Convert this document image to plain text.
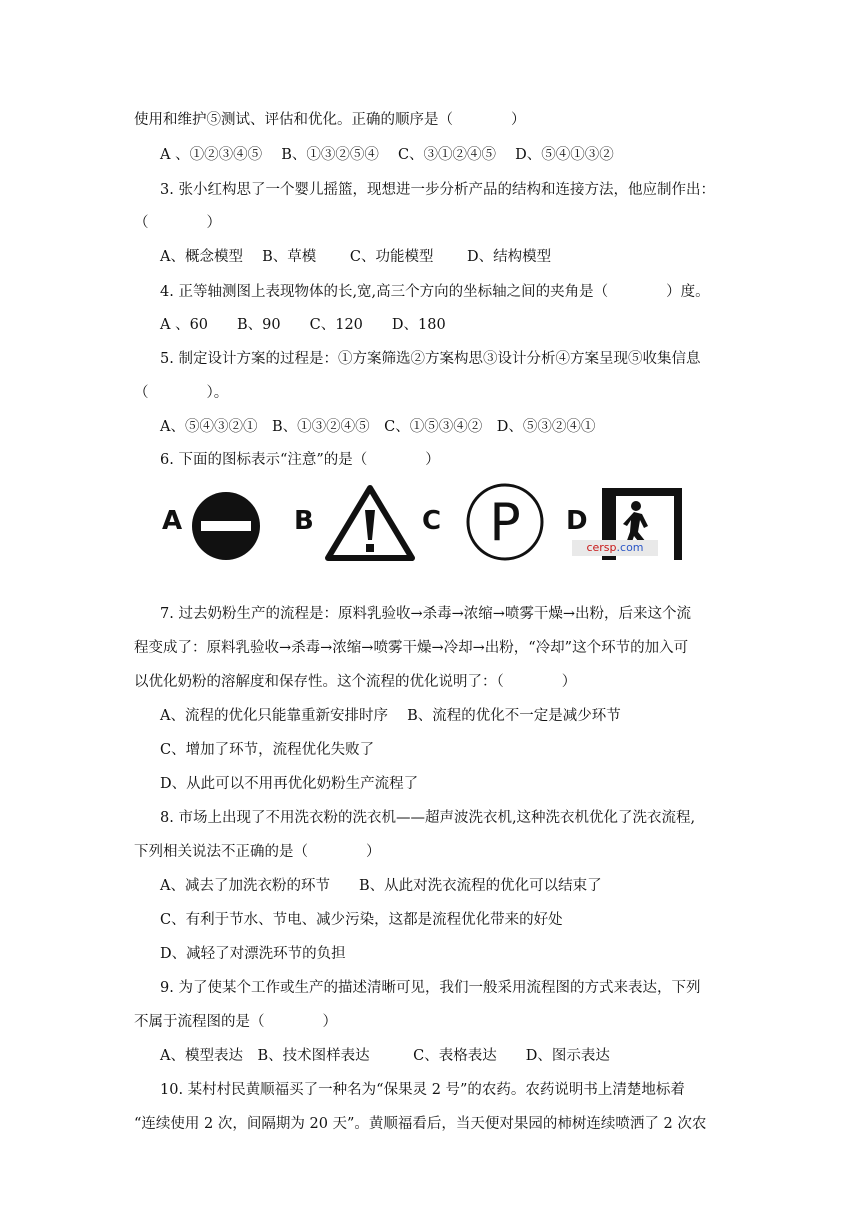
使用和维护⑤测试、评估和优化。正确的顺序是（　　　　）
A 、①②③④⑤　 B、①③②⑤④　 C、③①②④⑤　 D、⑤④①③②
3. 张小红构思了一个婴儿摇篮，现想进一步分析产品的结构和连接方法，他应制作出：
（　　　　）
A、概念模型　 B、草模　　 C、功能模型　　 D、结构模型
4. 正等轴测图上表现物体的长,宽,高三个方向的坐标轴之间的夹角是（　　　　）度。
A 、60　　B、90　　C、120　　D、180
5. 制定设计方案的过程是：①方案筛选②方案构思③设计分析④方案呈现⑤收集信息
（　　　　）。
A、⑤④③②①　B、①③②④⑤　C、①⑤③④②　D、⑤③②④①
6. 下面的图标表示“注意”的是（　　　　）
A	B	C P D
cersp.com
7. 过去奶粉生产的流程是：原料乳验收→杀毒→浓缩→喷雾干燥→出粉，后来这个流
程变成了：原料乳验收→杀毒→浓缩→喷雾干燥→冷却→出粉，“冷却”这个环节的加入可
以优化奶粉的溶解度和保存性。这个流程的优化说明了：（　　　　）
A、流程的优化只能靠重新安排时序　 B、流程的优化不一定是减少环节
C、增加了环节，流程优化失败了
D、从此可以不用再优化奶粉生产流程了
8. 市场上出现了不用洗衣粉的洗衣机——超声波洗衣机,这种洗衣机优化了洗衣流程,
下列相关说法不正确的是（　　　　）
A、减去了加洗衣粉的环节　　B、从此对洗衣流程的优化可以结束了
C、有利于节水、节电、减少污染，这都是流程优化带来的好处
D、减轻了对漂洗环节的负担
9. 为了使某个工作或生产的描述清晰可见，我们一般采用流程图的方式来表达，下列
不属于流程图的是（　　　　）
A、模型表达　B、技术图样表达　　　C、表格表达　　D、图示表达
10. 某村村民黄顺福买了一种名为“保果灵 2 号”的农药。农药说明书上清楚地标着
“连续使用 2 次，间隔期为 20 天”。黄顺福看后，当天便对果园的柿树连续喷洒了 2 次农
